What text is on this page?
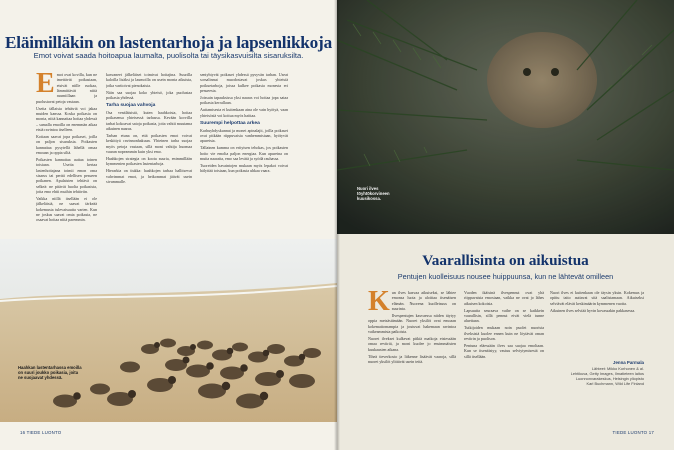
Eläimilläkin on lastentarhoja ja lapsenlikkoja
Emot voivat saada hoitoapua laumalta, puolisolta tai täysikasvuisilta sisaruksilta.
E mot ovat kovilla, kun ne imettävät poikasiaan, etsivät niille ruokaa, lämmittävät niitä ruumiillaan ja puolustavat petoja vastaan.

Useita tällaisia tehtäviä voi jakaa muiden kanssa. Koska poikasia on monta, niitä kannattaa hoitaa yhdessä – samalla emoilla on enemmän aikaa etsiä ravintoa itselleen.

Kotiaan saavat jopa poikaset, joilla on paljon sisaruksia. Poikasten kannattaa pysytellä lähellä omaa emoaan ja oppia siltä.

Poikasten kannattaa auttaa toinen toisiaan. Useita kertaa lastenhoitajana toimii emon oma sisarus tai peräti edellisen pesueen poikanen. Apulaisten tehtävä on selkeä: ne pitävät huolta poikasista, jotta emo ehtii muihin tehtäviin.

Vaikka niillä itsellään ei ole jälkeläisiä, ne saavat tärkeää kokemusta tulevaisuutta varten. Kun ne joskus saavat omia poikasia, ne osaavat hoitaa niitä paremmin.

kasvaneet jälkeläiset toimivat hoitajina. Suurilla kaloilla lisäksi ja laumoilla on usein monta aikuista, jotka vartioivat pienokaisia.

Näin saa suojaa koko yhteisö, joka puolustaa poikasia yhdessä.

Tarha suojaa vahvoja

Osa venäläisistä, kuten haahkoista, hoitaa poikasensa yhteisessä tarhassa. Kevään korvilla tarhat kokoavat satoja poikasia, joita vahtii muutama aikuinen naaras.

Tarhan etuna on, että poikasten emot voivat keskittyä ravinnonhakuun. Yhteinen tarha suojaa myös petoja vastaan, sillä moni vahtija huomaa vaaran nopeammin kuin yksi emo.

Haahkojen strategia on koota suuria, enimmillään kymmenien poikasten lastentarhoja.

Hierarkia on tiukka: haahkojen tarhaa hallitsevat vahvimmat emot, ja heikommat jäävät usein sivummalle.

sentyhtyvät poikaset yhdessä pysyvän tarhan. Useat sorsalinnut muodostavat joskus yhteisiä poikuetarhoja, joissa kulkee poikasia monesta eri pesueesta.

Joissain tapauksissa yksi naaras voi hoitaa jopa sataa poikasta kerrallaan.

Auttamisesta ei kuitenkaan aina ole vain hyötyä, vaan yhteisöstä voi koitua myös haittaa.

Suurempi helpottaa arkea

Karhuyhdyskunnat ja monet apinalajit, joilla poikaset ovat pitkään riippuvaisia vanhemmistaan, hyötyvät apureista.

Tällainen kumma on erityisen tehokas, jos poikasten hoito vie emolta paljon energiaa. Kun apureina on muita naaraita, emo saa levätä ja syödä rauhassa.

Tuoreiden havaintojen mukaan myös lepakot voivat hälyttää toisiaan, kun poikasia uhkaa vaara.

Haahkan lastentarhassa emoilla on suuri joukko poikasia, joita ne suojaavat yhdessä.
16 TIEDE LUONTO
Nuori ilves töyhtökorvineen kuusikossa.
Vaarallisinta on aikuistua
Pentujen kuolleisuus nousee huippuunsa, kun ne lähtevät omilleen
K un ilves kasvaa aikuiseksi, se lähtee emonsa luota ja aloittaa itsenäisen elämän. Nuorena kuolleisuus on suurinta.

Ilvespentujen kasvaessa niiden täytyy oppia metsästämään. Nuoret yksilöt ovat emoaan kokemattomampia ja joutuvat hakemaan ravintoa vaikeammista paikoista.

Nuoret ilvekset kulkevat pitkiä matkoja etsiessään omaa reviiriä, ja moni kuolee jo ensimmäisten kuukausien aikana.

Tiheä tieverkosto ja liikenne lisäävät vaaroja, sillä nuoret yksilöt ylittävät usein teitä.

Vuoden ikäisinä ilvespennut ovat yhä riippuvaisia emostaan, vaikka ne ovat jo lähes aikuisen kokoisia.

Lapsuutta seuraava vaihe on se kaikkein vaarallisin, sillä pennut eivät vielä tunne aluettaan.

Tutkijoiden mukaan noin puolet nuorista ilveksistä kuolee ennen kuin ne löytävät oman reviirin ja puolison.

Pentuna eläessään ilves saa suojaa emoltaan. Kun se itsenäistyy, vastuu selviytymisestä on sillä itsellään.

Nuori ilves ei kuitenkaan ole täysin yksin. Kokemus ja opittu taito auttavat sitä saalistamaan. Aikuiseksi selviävät elävät keskimäärin kymmenen vuotta.

Aikuinen ilves selviää hyvin kovassakin pakkasessa.

Jenna Parmala
Lähteet: Mikko Korhonen & al.
Lehtikuva, Getty Images, Ilmatieteen laitos
Luonnonvarakeskus, Helsingin yliopisto
Karl Buchmann, Wild Life Finland
TIEDE LUONTO 17
